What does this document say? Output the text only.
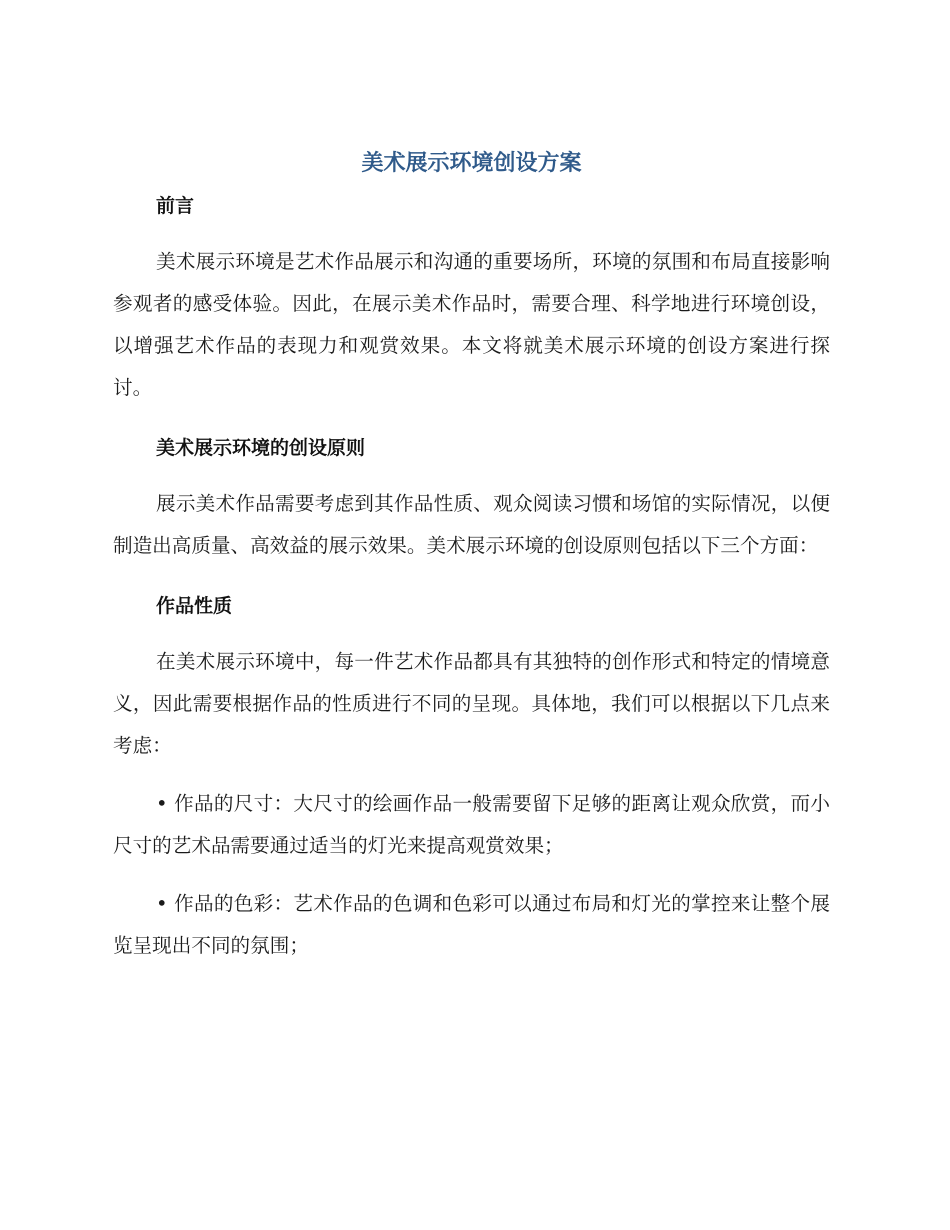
美术展示环境创设方案
前言

美术展示环境是艺术作品展示和沟通的重要场所，环境的氛围和布局直接影响参观者的感受体验。因此，在展示美术作品时，需要合理、科学地进行环境创设，以增强艺术作品的表现力和观赏效果。本文将就美术展示环境的创设方案进行探讨。

美术展示环境的创设原则

展示美术作品需要考虑到其作品性质、观众阅读习惯和场馆的实际情况，以便制造出高质量、高效益的展示效果。美术展示环境的创设原则包括以下三个方面：

作品性质

在美术展示环境中，每一件艺术作品都具有其独特的创作形式和特定的情境意义，因此需要根据作品的性质进行不同的呈现。具体地，我们可以根据以下几点来考虑：

• 作品的尺寸：大尺寸的绘画作品一般需要留下足够的距离让观众欣赏，而小尺寸的艺术品需要通过适当的灯光来提高观赏效果；

• 作品的色彩：艺术作品的色调和色彩可以通过布局和灯光的掌控来让整个展览呈现出不同的氛围；
